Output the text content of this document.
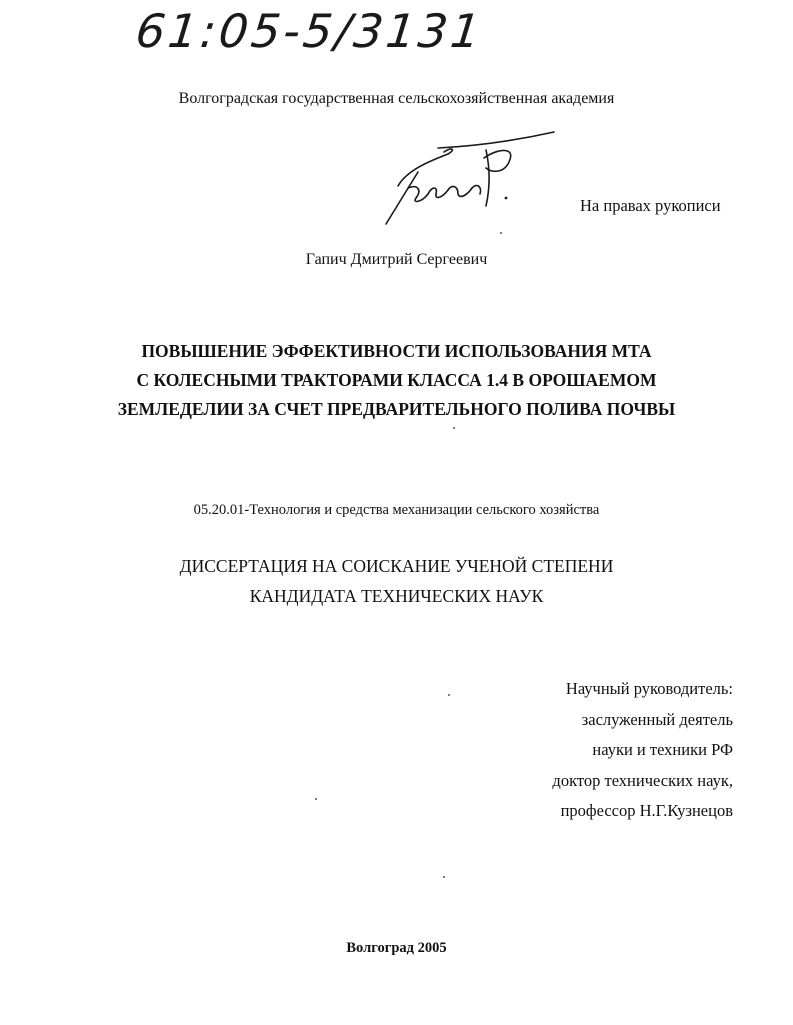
61:05-5/3131
Волгоградская государственная сельскохозяйственная академия
На правах рукописи
Гапич Дмитрий Сергеевич
ПОВЫШЕНИЕ ЭФФЕКТИВНОСТИ ИСПОЛЬЗОВАНИЯ МТА
С КОЛЕСНЫМИ ТРАКТОРАМИ КЛАССА 1.4 В ОРОШАЕМОМ
ЗЕМЛЕДЕЛИИ ЗА СЧЕТ ПРЕДВАРИТЕЛЬНОГО ПОЛИВА ПОЧВЫ
05.20.01-Технология и средства механизации сельского хозяйства
ДИССЕРТАЦИЯ НА СОИСКАНИЕ УЧЕНОЙ СТЕПЕНИ
КАНДИДАТА ТЕХНИЧЕСКИХ НАУК
Научный руководитель:
заслуженный деятель
науки и техники РФ
доктор технических наук,
профессор Н.Г.Кузнецов
Волгоград 2005
